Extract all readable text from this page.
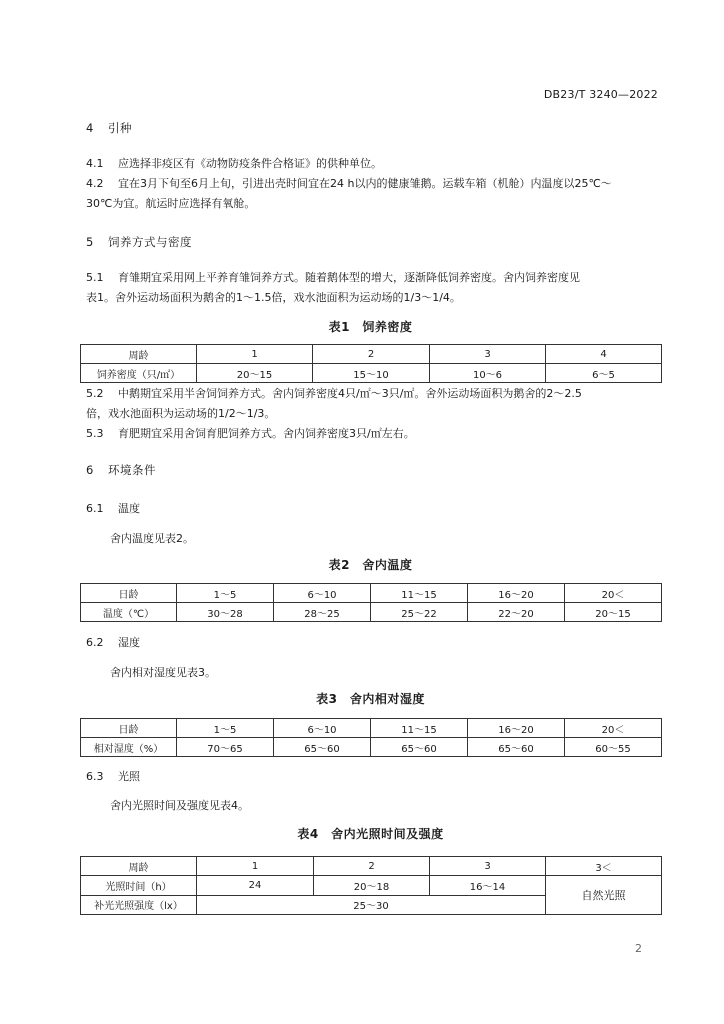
DB23/T 3240—2022
4 引种
4.1 应选择非疫区有《动物防疫条件合格证》的供种单位。
4.2 宜在3月下旬至6月上旬，引进出壳时间宜在24 h以内的健康雏鹅。运载车箱（机舱）内温度以25℃～
30℃为宜。航运时应选择有氧舱。
5 饲养方式与密度
5.1 育雏期宜采用网上平养育雏饲养方式。随着鹅体型的增大，逐渐降低饲养密度。舍内饲养密度见
表1。舍外运动场面积为鹅舍的1～1.5倍，戏水池面积为运动场的1/3～1/4。
表1　饲养密度
周龄	1	2	3	4
饲养密度（只/㎡）	20～15	15～10	10～6	6～5
5.2 中鹅期宜采用半舍饲饲养方式。舍内饲养密度4只/㎡～3只/㎡。舍外运动场面积为鹅舍的2～2.5
倍，戏水池面积为运动场的1/2～1/3。
5.3 育肥期宜采用舍饲育肥饲养方式。舍内饲养密度3只/㎡左右。
6 环境条件
6.1 温度
舍内温度见表2。
表2　舍内温度
日龄	1～5	6～10	11～15	16～20	20＜
温度（℃）	30～28	28～25	25～22	22～20	20～15
6.2 湿度
舍内相对湿度见表3。
表3　舍内相对湿度
日龄	1～5	6～10	11～15	16～20	20＜
相对湿度（%）	70～65	65～60	65～60	65～60	60～55
6.3 光照
舍内光照时间及强度见表4。
表4　舍内光照时间及强度
周龄	1	2	3	3＜
光照时间（h）	24	20～18	16～14	自然光照
补光光照强度（lx）	25～30			
2
